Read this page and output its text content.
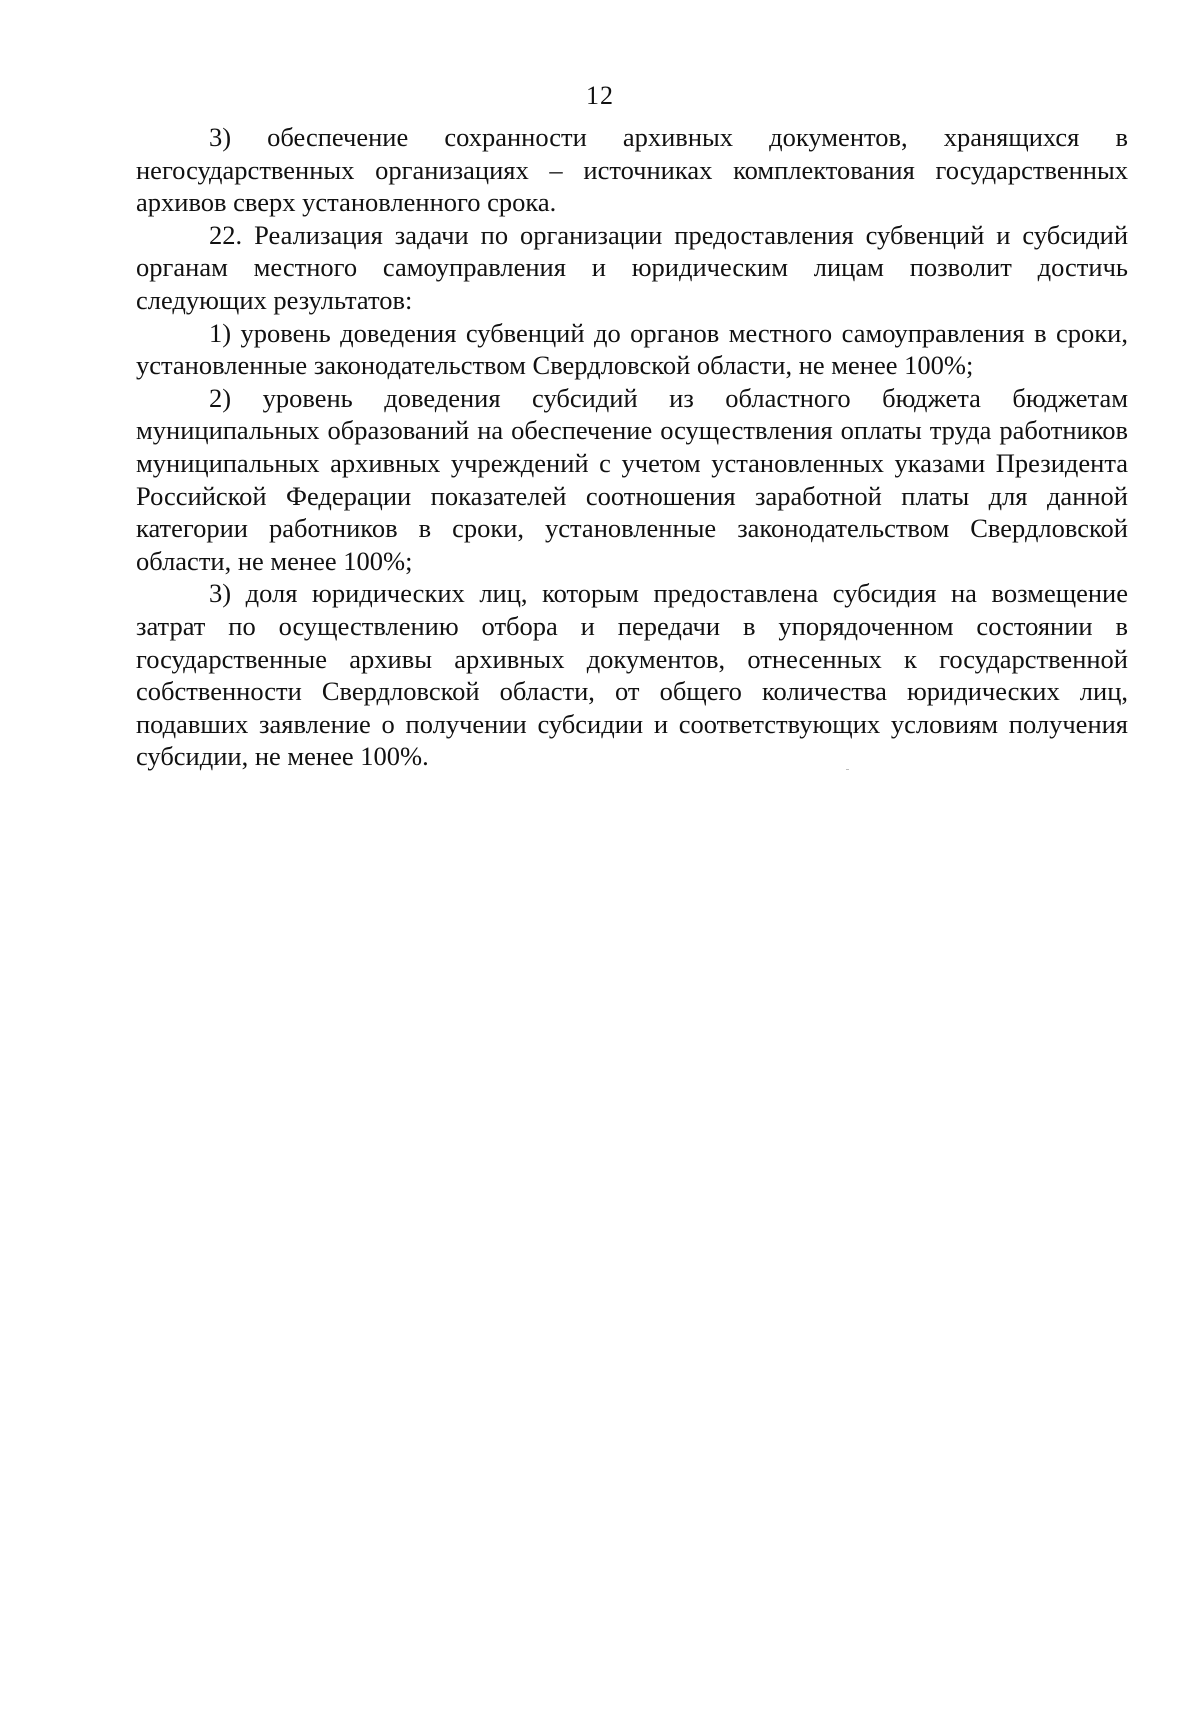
12

3) обеспечение сохранности архивных документов, хранящихся в негосударственных организациях – источниках комплектования государственных архивов сверх установленного срока.

22. Реализация задачи по организации предоставления субвенций и субсидий органам местного самоуправления и юридическим лицам позволит достичь следующих результатов:

1) уровень доведения субвенций до органов местного самоуправления в сроки, установленные законодательством Свердловской области, не менее 100%;

2) уровень доведения субсидий из областного бюджета бюджетам муниципальных образований на обеспечение осуществления оплаты труда работников муниципальных архивных учреждений с учетом установленных указами Президента Российской Федерации показателей соотношения заработной платы для данной категории работников в сроки, установленные законодательством Свердловской области, не менее 100%;

3) доля юридических лиц, которым предоставлена субсидия на возмещение затрат по осуществлению отбора и передачи в упорядоченном состоянии в государственные архивы архивных документов, отнесенных к государственной собственности Свердловской области, от общего количества юридических лиц, подавших заявление о получении субсидии и соответствующих условиям получения субсидии, не менее 100%.
